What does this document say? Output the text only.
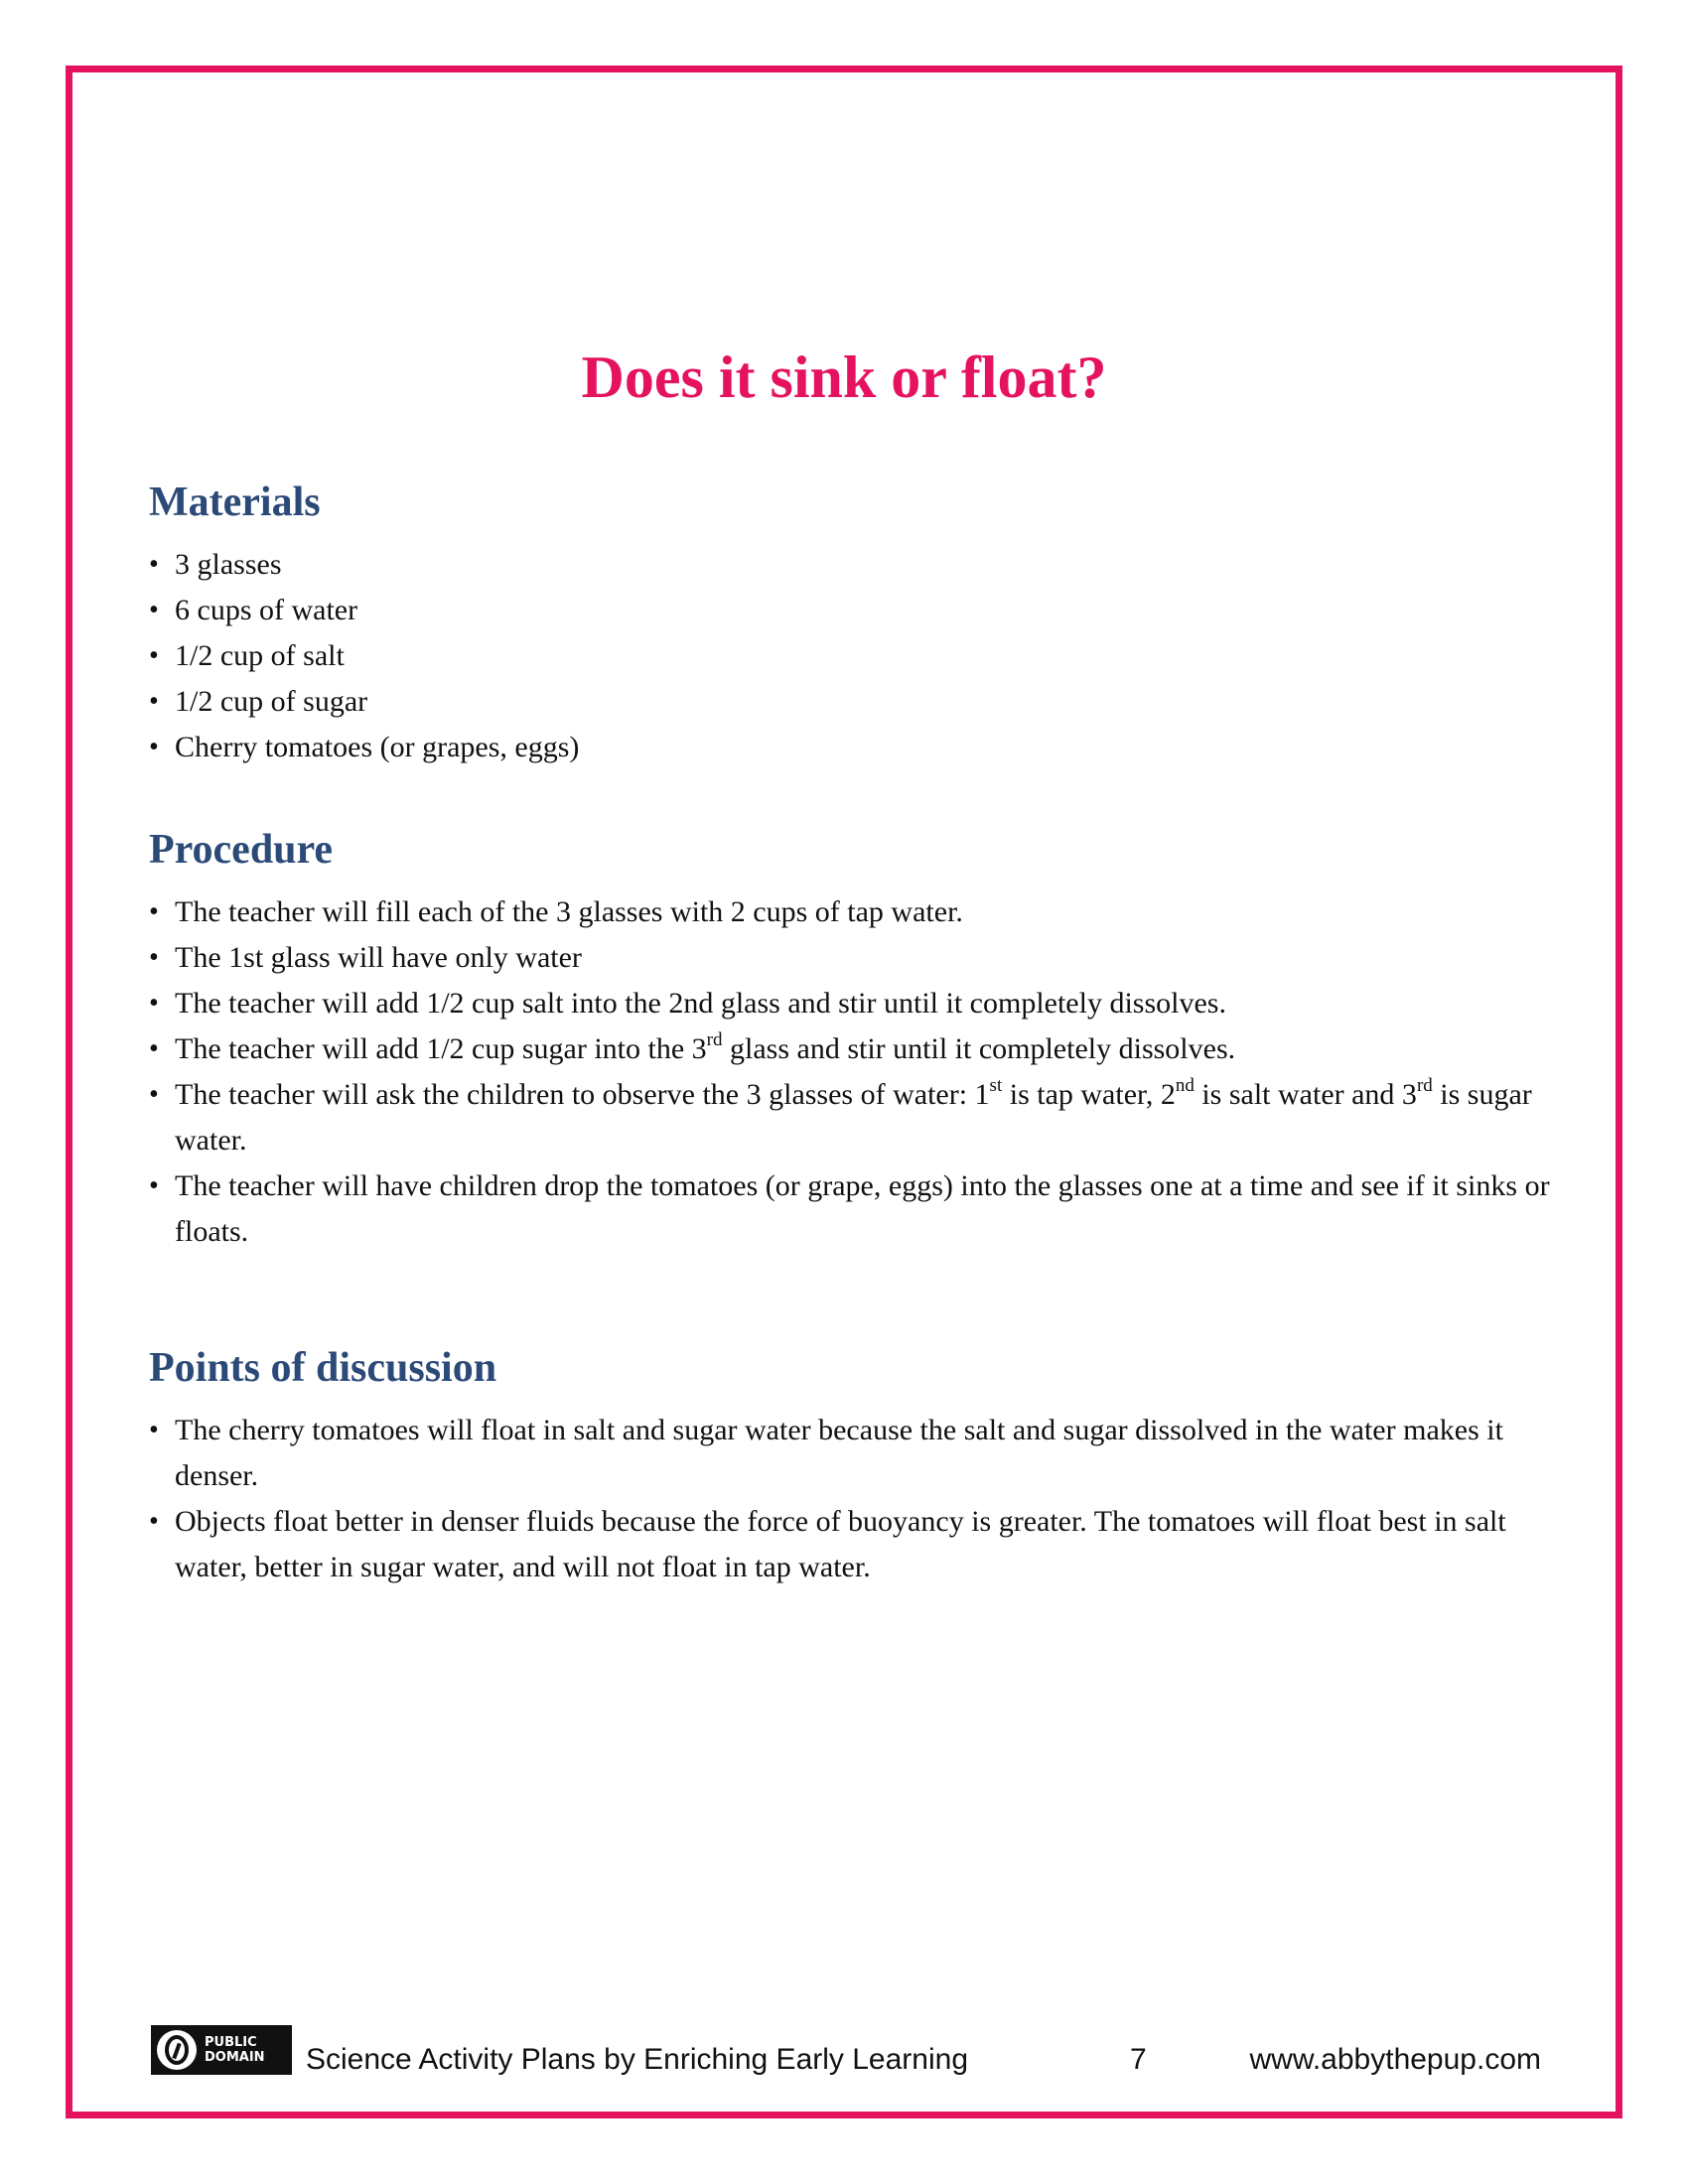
Does it sink or float?
Materials
• 3 glasses
• 6 cups of water
• 1/2 cup of salt
• 1/2 cup of sugar
• Cherry tomatoes (or grapes, eggs)
Procedure
• The teacher will fill each of the 3 glasses with 2 cups of tap water.
• The 1st glass will have only water
• The teacher will add 1/2 cup salt into the 2nd glass and stir until it completely dissolves.
• The teacher will add 1/2 cup sugar into the 3rd glass and stir until it completely dissolves.
• The teacher will ask the children to observe the 3 glasses of water: 1st is tap water, 2nd is salt water and 3rd is sugar water.
• The teacher will have children drop the tomatoes (or grape, eggs) into the glasses one at a time and see if it sinks or floats.
Points of discussion
• The cherry tomatoes will float in salt and sugar water because the salt and sugar dissolved in the water makes it denser.
• Objects float better in denser fluids because the force of buoyancy is greater. The tomatoes will float best in salt water, better in sugar water, and will not float in tap water.
PUBLIC
DOMAIN Science Activity Plans by Enriching Early Learning	7	www.abbythepup.com
